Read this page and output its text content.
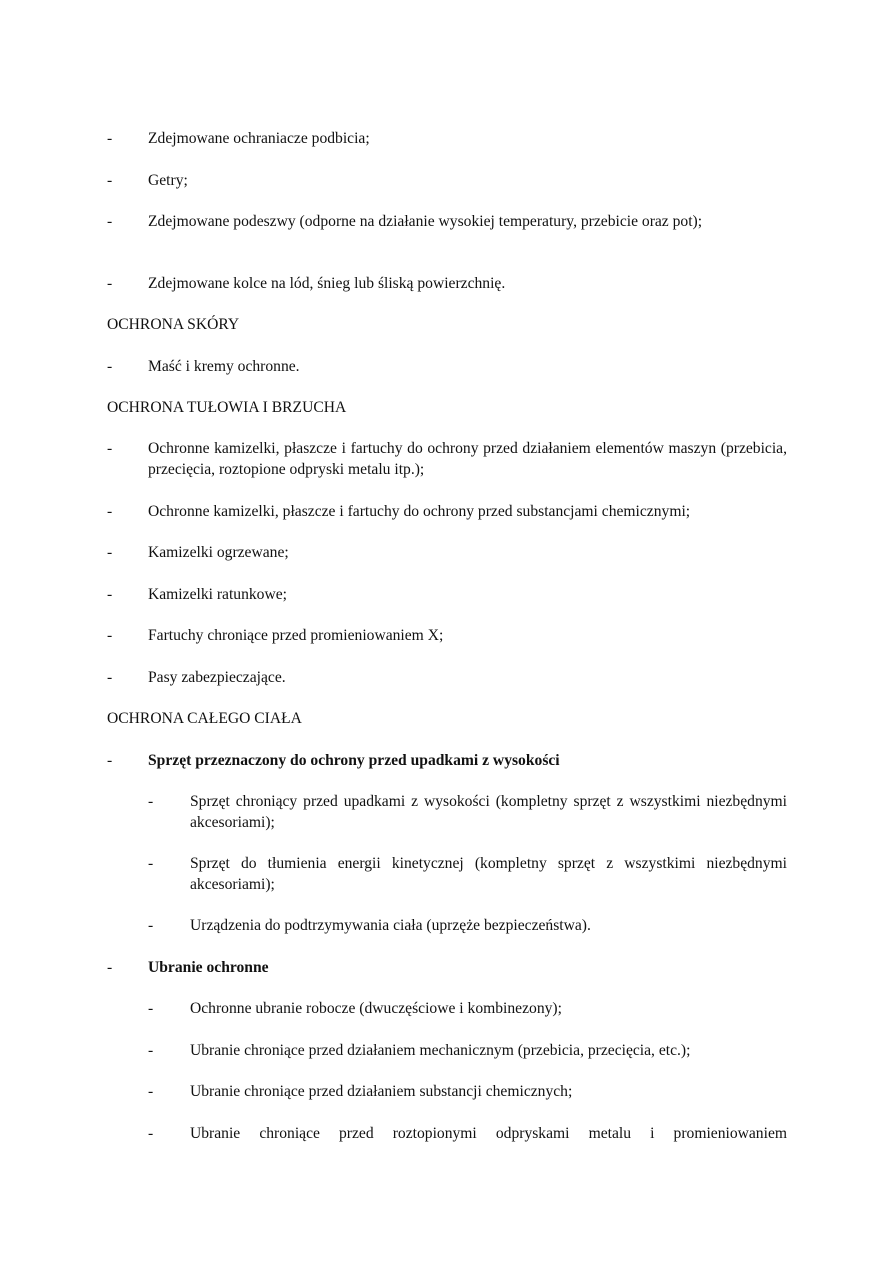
- Zdejmowane ochraniacze podbicia;
- Getry;
- Zdejmowane podeszwy (odporne na działanie wysokiej temperatury, przebicie oraz pot);
- Zdejmowane kolce na lód, śnieg lub śliską powierzchnię.
OCHRONA SKÓRY
- Maść i kremy ochronne.
OCHRONA TUŁOWIA I BRZUCHA
- Ochronne kamizelki, płaszcze i fartuchy do ochrony przed działaniem elementów maszyn (przebicia, przecięcia, roztopione odpryski metalu itp.);
- Ochronne kamizelki, płaszcze i fartuchy do ochrony przed substancjami chemicznymi;
- Kamizelki ogrzewane;
- Kamizelki ratunkowe;
- Fartuchy chroniące przed promieniowaniem X;
- Pasy zabezpieczające.
OCHRONA CAŁEGO CIAŁA
- Sprzęt przeznaczony do ochrony przed upadkami z wysokości
- Sprzęt chroniący przed upadkami z wysokości (kompletny sprzęt z wszystkimi niezbędnymi akcesoriami);
- Sprzęt do tłumienia energii kinetycznej (kompletny sprzęt z wszystkimi niezbędnymi akcesoriami);
- Urządzenia do podtrzymywania ciała (uprzęże bezpieczeństwa).
- Ubranie ochronne
- Ochronne ubranie robocze (dwuczęściowe i kombinezony);
- Ubranie chroniące przed działaniem mechanicznym (przebicia, przecięcia, etc.);
- Ubranie chroniące przed działaniem substancji chemicznych;
- Ubranie chroniące przed roztopionymi odpryskami metalu i promieniowaniem
